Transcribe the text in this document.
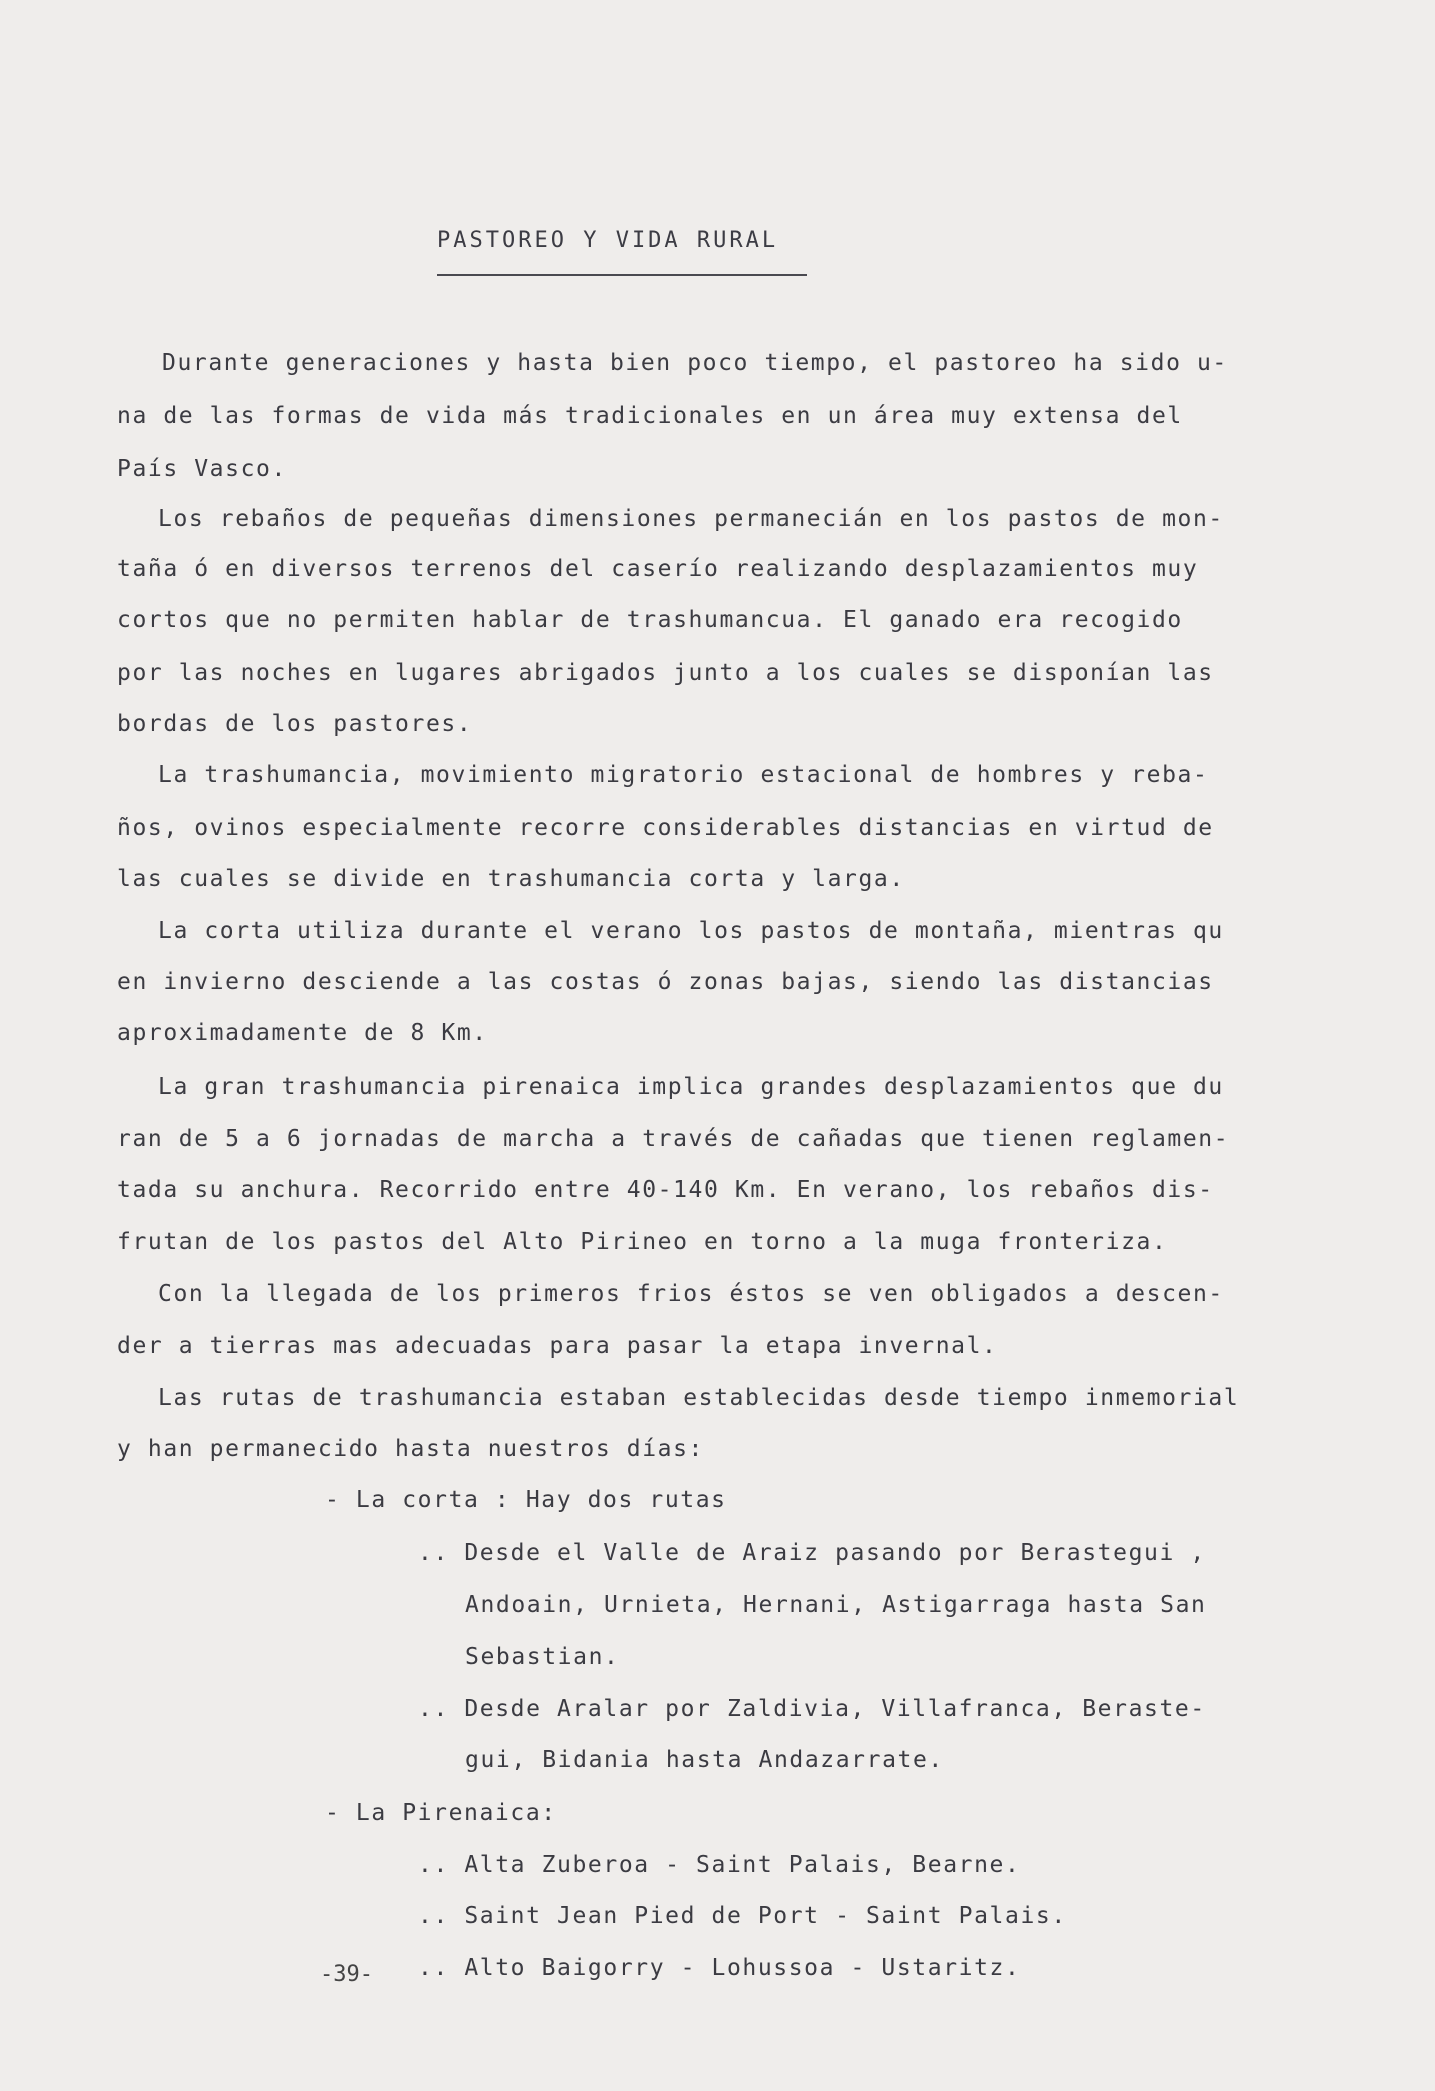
PASTOREO Y VIDA RURAL
Durante generaciones y hasta bien poco tiempo, el pastoreo ha sido u-
na de las formas de vida más tradicionales en un área muy extensa del
País Vasco.
Los rebaños de pequeñas dimensiones permanecián en los pastos de mon-
taña ó en diversos terrenos del caserío realizando desplazamientos muy
cortos que no permiten hablar de trashumancua. El ganado era recogido
por las noches en lugares abrigados junto a los cuales se disponían las
bordas de los pastores.
La trashumancia, movimiento migratorio estacional de hombres y reba-
ños, ovinos especialmente recorre considerables distancias en virtud de
las cuales se divide en trashumancia corta y larga.
La corta utiliza durante el verano los pastos de montaña, mientras qu
en invierno desciende a las costas ó zonas bajas, siendo las distancias
aproximadamente de 8 Km.
La gran trashumancia pirenaica implica grandes desplazamientos que du
ran de 5 a 6 jornadas de marcha a través de cañadas que tienen reglamen-
tada su anchura. Recorrido entre 40-140 Km. En verano, los rebaños dis-
frutan de los pastos del Alto Pirineo en torno a la muga fronteriza.
Con la llegada de los primeros frios éstos se ven obligados a descen-
der a tierras mas adecuadas para pasar la etapa invernal.
Las rutas de trashumancia estaban establecidas desde tiempo inmemorial
y han permanecido hasta nuestros días:
- La corta : Hay dos rutas
.. Desde el Valle de Araiz pasando por Berastegui ,
Andoain, Urnieta, Hernani, Astigarraga hasta San
Sebastian.
.. Desde Aralar por Zaldivia, Villafranca, Beraste-
gui, Bidania hasta Andazarrate.
- La Pirenaica:
.. Alta Zuberoa - Saint Palais, Bearne.
.. Saint Jean Pied de Port - Saint Palais.
.. Alto Baigorry - Lohussoa - Ustaritz.
-39-
